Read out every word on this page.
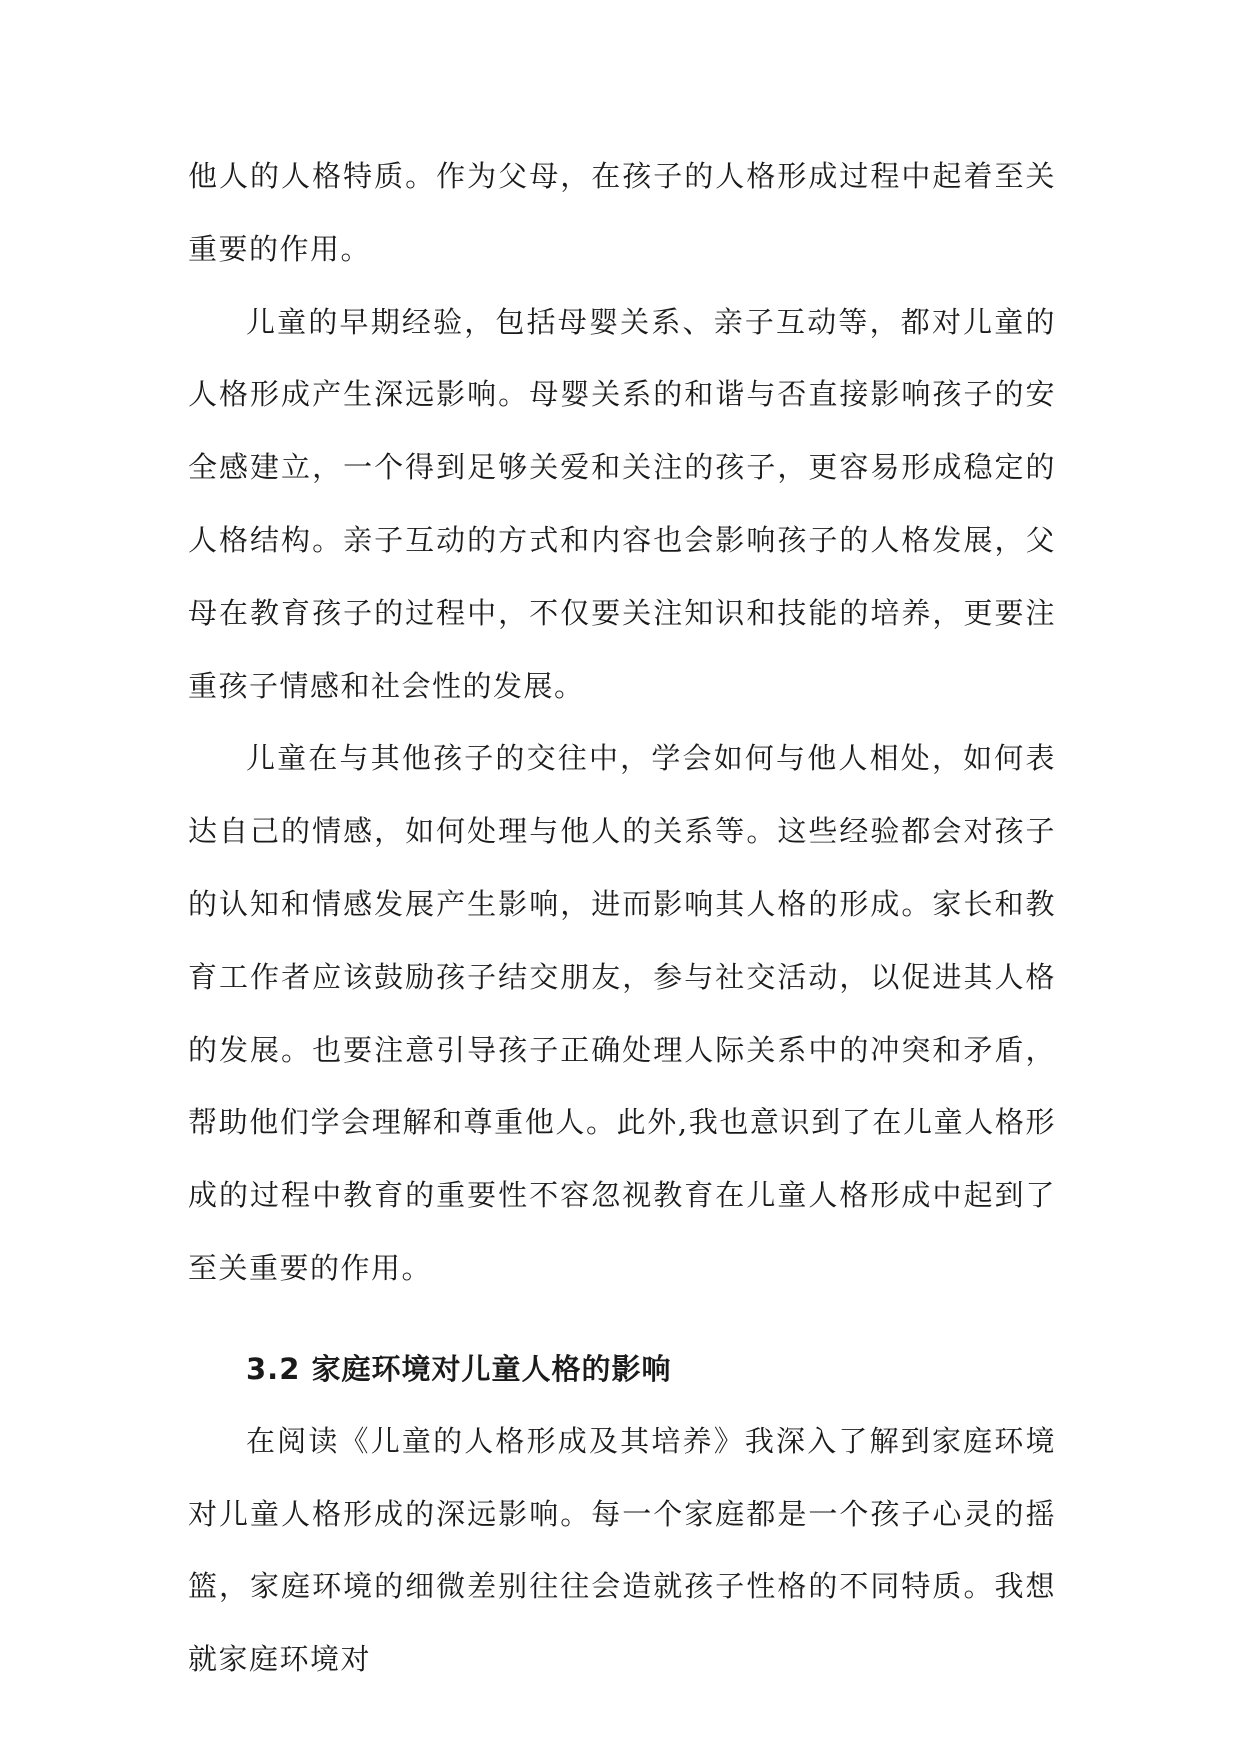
他人的人格特质。作为父母，在孩子的人格形成过程中起着至关重要的作用。

儿童的早期经验，包括母婴关系、亲子互动等，都对儿童的人格形成产生深远影响。母婴关系的和谐与否直接影响孩子的安全感建立，一个得到足够关爱和关注的孩子，更容易形成稳定的人格结构。亲子互动的方式和内容也会影响孩子的人格发展，父母在教育孩子的过程中，不仅要关注知识和技能的培养，更要注重孩子情感和社会性的发展。

儿童在与其他孩子的交往中，学会如何与他人相处，如何表达自己的情感，如何处理与他人的关系等。这些经验都会对孩子的认知和情感发展产生影响，进而影响其人格的形成。家长和教育工作者应该鼓励孩子结交朋友，参与社交活动，以促进其人格的发展。也要注意引导孩子正确处理人际关系中的冲突和矛盾，帮助他们学会理解和尊重他人。此外,我也意识到了在儿童人格形成的过程中教育的重要性不容忽视教育在儿童人格形成中起到了至关重要的作用。

3.2 家庭环境对儿童人格的影响

在阅读《儿童的人格形成及其培养》我深入了解到家庭环境对儿童人格形成的深远影响。每一个家庭都是一个孩子心灵的摇篮，家庭环境的细微差别往往会造就孩子性格的不同特质。我想就家庭环境对
